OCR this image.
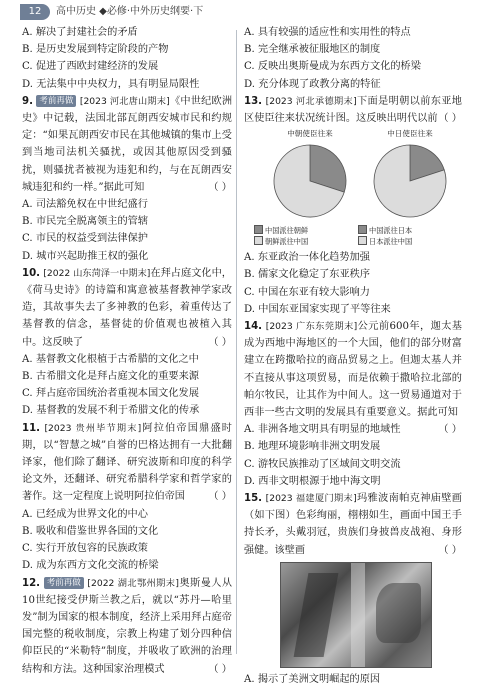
12	高中历史 ◆必修·中外历史纲要·下

A. 解决了封建社会的矛盾

B. 是历史发展到特定阶段的产物

C. 促进了西欧封建经济的发展

D. 无法集中中央权力，具有明显局限性

9. 考前再做 [2023 河北唐山期末]《中世纪欧洲史》中记载，法国北部瓦朗西安城市民和约规定：“如果瓦朗西安市民在其他城镇的集市上受到当地司法机关骚扰，或因其他原因受到骚扰，则骚扰者被视为违犯和约，与在瓦朗西安城违犯和约一样。”据此可知	（ ）

A. 司法豁免权在中世纪盛行

B. 市民完全脱离领主的管辖

C. 市民的权益受到法律保护

D. 城市兴起助推王权的强化

10. [2022 山东菏泽一中期末]在拜占庭文化中，《荷马史诗》的诗篇和寓意被基督教神学家改造，其故事失去了多神教的色彩，着重传达了基督教的信念，基督徒的价值观也被植入其中。这反映了	（ ）

A. 基督教文化根植于古希腊的文化之中

B. 古希腊文化是拜占庭文化的重要来源

C. 拜占庭帝国统治者重视本国文化发展

D. 基督教的发展不利于希腊文化的传承

11. [2023 贵州毕节期末]阿拉伯帝国鼎盛时期，以“智慧之城”自誉的巴格达拥有一大批翻译家，他们除了翻译、研究波斯和印度的科学论文外，还翻译、研究希腊科学家和哲学家的著作。这一定程度上说明阿拉伯帝国 （ ）

A. 已经成为世界文化的中心

B. 吸收和借鉴世界各国的文化

C. 实行开放包容的民族政策

D. 成为东西方文化交流的桥梁

12. 考前再做 [2022 湖北鄂州期末]奥斯曼人从10世纪接受伊斯兰教之后，就以“苏丹—哈里发”制为国家的根本制度，经济上采用拜占庭帝国完整的税收制度，宗教上构建了划分四种信仰臣民的“米勒特”制度，并吸收了欧洲的治理结构和方法。这种国家治理模式	（ ）

A. 具有较强的适应性和实用性的特点

B. 完全继承被征服地区的制度

C. 反映出奥斯曼成为东西方文化的桥梁

D. 充分体现了政教分离的特征

13. [2023 河北承德期末]下面是明朝以前东亚地区使臣往来状况统计图。这反映出明代以前 （ ）

中朝使臣往来	中日使臣往来
中国派往朝鲜
朝鲜派往中国
中国派往日本
日本派往中国

A. 东亚政治一体化趋势加强

B. 儒家文化稳定了东亚秩序

C. 中国在东亚有较大影响力

D. 中国东亚国家实现了平等往来

14. [2023 广东东莞期末]公元前600年，迦太基成为西地中海地区的一个大国，他们的部分财富建立在跨撒哈拉的商品贸易之上。但迦太基人并不直接从事这项贸易，而是依赖于撒哈拉北部的帕尔牧民，让其作为中间人。这一贸易通道对于西非一些古文明的发展具有重要意义。据此可知
（ ）

A. 非洲各地文明具有明显的地域性

B. 地理环境影响非洲文明发展

C. 游牧民族推动了区域间文明交流

D. 西非文明根源于地中海文明

15. [2023 福建厦门期末]玛雅波南帕克神庙壁画（如下图）色彩绚丽，栩栩如生，画面中国王手持长矛，头戴羽冠，贵族们身披兽皮战袍、身形强健。该壁画	（ ）

A. 揭示了美洲文明崛起的原因
